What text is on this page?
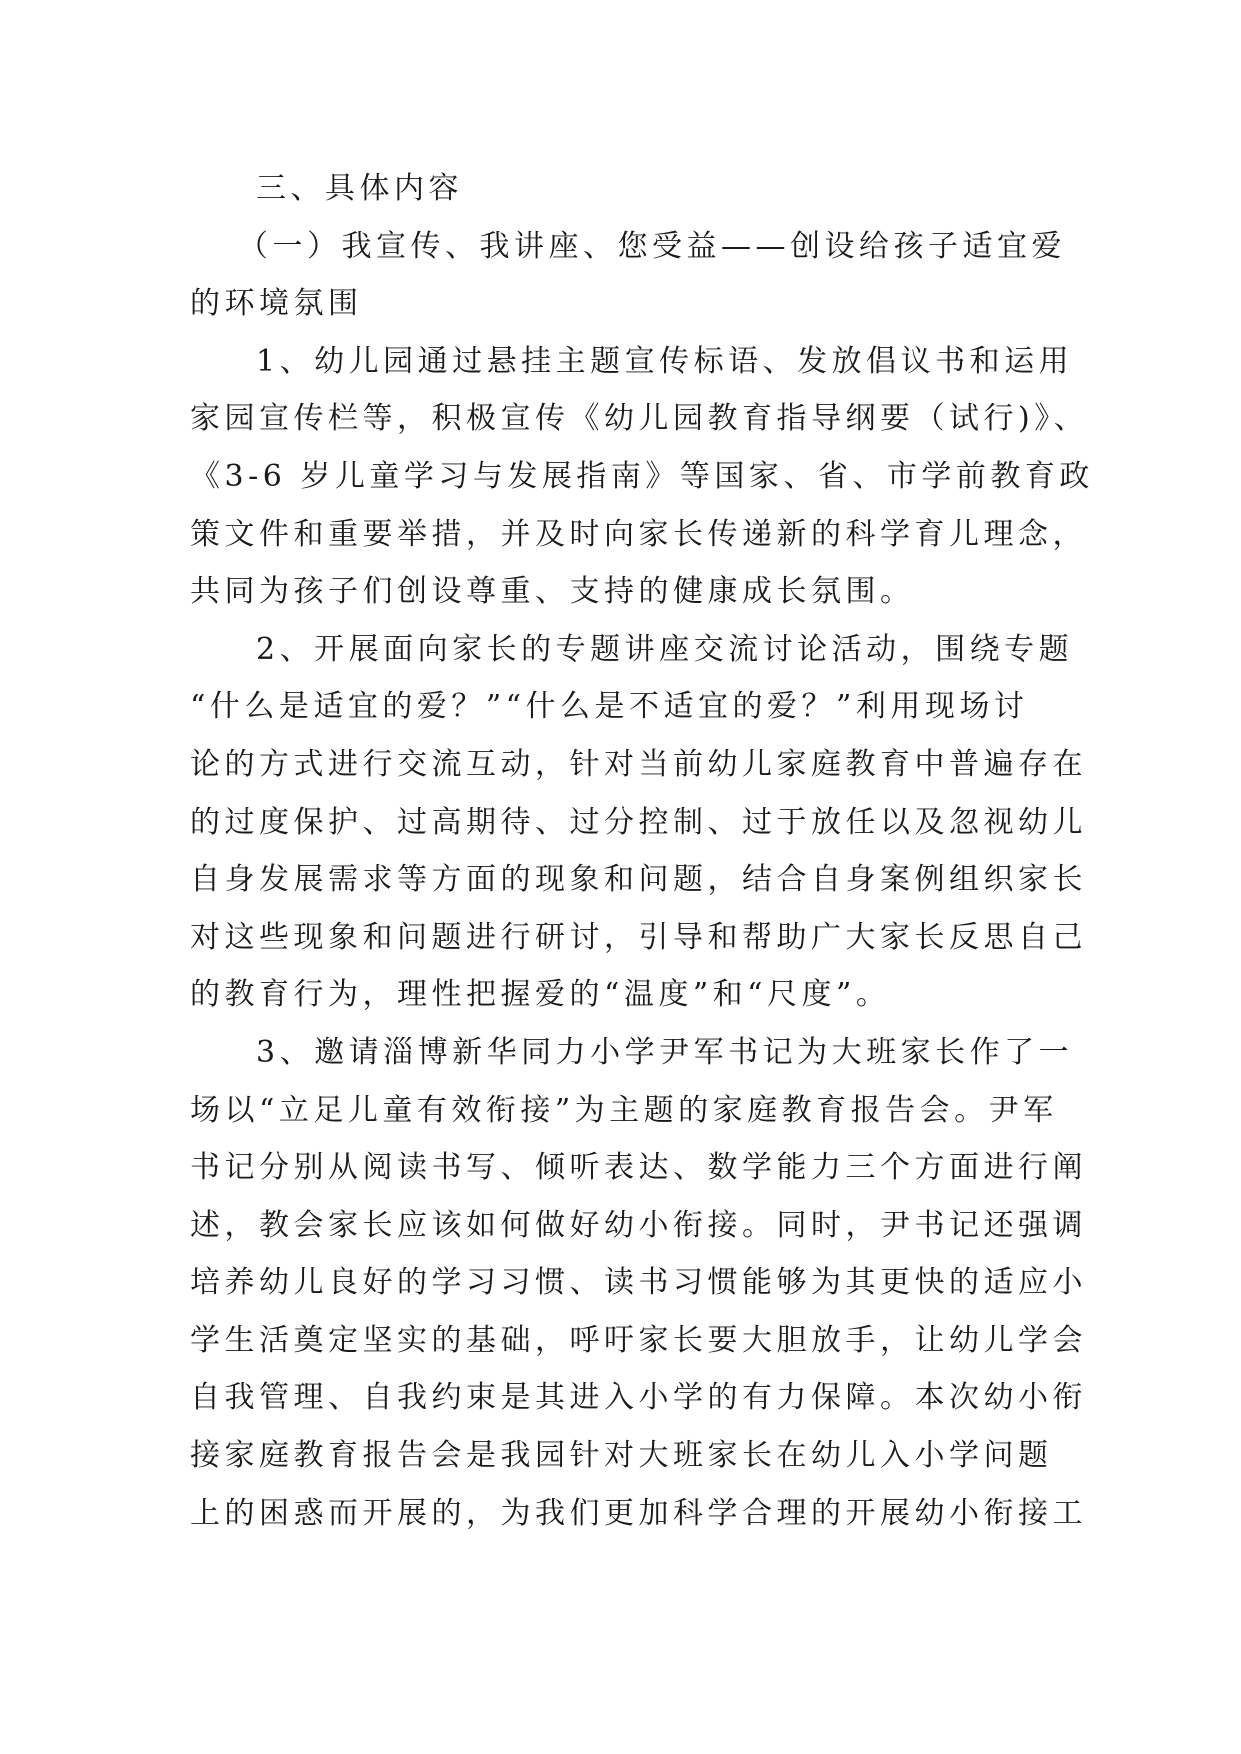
三、具体内容
（一）我宣传、我讲座、您受益——创设给孩子适宜爱
的环境氛围
1、幼儿园通过悬挂主题宣传标语、发放倡议书和运用
家园宣传栏等，积极宣传《幼儿园教育指导纲要（试行)》、
《3-6 岁儿童学习与发展指南》等国家、省、市学前教育政
策文件和重要举措，并及时向家长传递新的科学育儿理念，
共同为孩子们创设尊重、支持的健康成长氛围。
2、开展面向家长的专题讲座交流讨论活动，围绕专题
“什么是适宜的爱？”“什么是不适宜的爱？”利用现场讨
论的方式进行交流互动，针对当前幼儿家庭教育中普遍存在
的过度保护、过高期待、过分控制、过于放任以及忽视幼儿
自身发展需求等方面的现象和问题，结合自身案例组织家长
对这些现象和问题进行研讨，引导和帮助广大家长反思自己
的教育行为，理性把握爱的“温度”和“尺度”。
3、邀请淄博新华同力小学尹军书记为大班家长作了一
场以“立足儿童有效衔接”为主题的家庭教育报告会。尹军
书记分别从阅读书写、倾听表达、数学能力三个方面进行阐
述，教会家长应该如何做好幼小衔接。同时，尹书记还强调
培养幼儿良好的学习习惯、读书习惯能够为其更快的适应小
学生活奠定坚实的基础，呼吁家长要大胆放手，让幼儿学会
自我管理、自我约束是其进入小学的有力保障。本次幼小衔
接家庭教育报告会是我园针对大班家长在幼儿入小学问题
上的困惑而开展的，为我们更加科学合理的开展幼小衔接工
